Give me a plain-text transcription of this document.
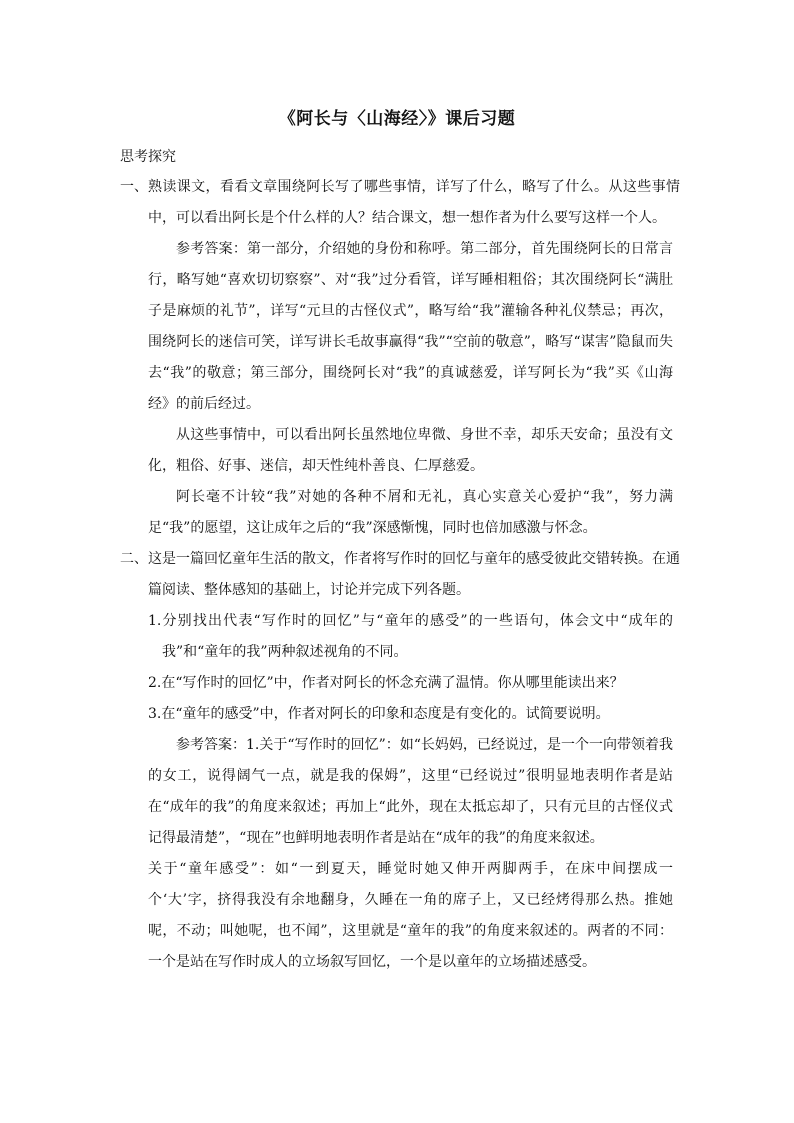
《阿长与〈山海经〉》课后习题
思考探究
一、 熟读课文，看看文章围绕阿长写了哪些事情，详写了什么，略写了什么。从这些事情中，可以看出阿长是个什么样的人？结合课文，想一想作者为什么要写这样一个人。
参考答案：第一部分，介绍她的身份和称呼。第二部分，首先围绕阿长的日常言行，略写她“喜欢切切察察”、对“我”过分看管，详写睡相粗俗；其次围绕阿长“满肚子是麻烦的礼节”，详写“元旦的古怪仪式”，略写给“我”灌输各种礼仪禁忌；再次，围绕阿长的迷信可笑，详写讲长毛故事赢得“我”“空前的敬意”，略写“谋害”隐鼠而失去“我”的敬意；第三部分，围绕阿长对“我”的真诚慈爱，详写阿长为“我”买《山海经》的前后经过。
从这些事情中，可以看出阿长虽然地位卑微、身世不幸，却乐天安命；虽没有文化，粗俗、好事、迷信，却天性纯朴善良、仁厚慈爱。
阿长毫不计较“我”对她的各种不屑和无礼，真心实意关心爱护“我”，努力满足“我”的愿望，这让成年之后的“我”深感惭愧，同时也倍加感激与怀念。
二、 这是一篇回忆童年生活的散文，作者将写作时的回忆与童年的感受彼此交错转换。在通篇阅读、整体感知的基础上，讨论并完成下列各题。
1.分别找出代表“写作时的回忆”与“童年的感受”的一些语句，体会文中“成年的我”和“童年的我”两种叙述视角的不同。
2.在“写作时的回忆”中，作者对阿长的怀念充满了温情。你从哪里能读出来？
3.在“童年的感受”中，作者对阿长的印象和态度是有变化的。试简要说明。
参考答案：1.关于“写作时的回忆”：如“长妈妈，已经说过，是一个一向带领着我的女工，说得阔气一点，就是我的保姆”，这里“已经说过”很明显地表明作者是站在“成年的我”的角度来叙述；再加上“此外，现在太抵忘却了，只有元旦的古怪仪式记得最清楚”，“现在”也鲜明地表明作者是站在“成年的我”的角度来叙述。
关于“童年感受”：如“一到夏天，睡觉时她又伸开两脚两手，在床中间摆成一个‘大’字，挤得我没有余地翻身，久睡在一角的席子上，又已经烤得那么热。推她呢，不动；叫她呢，也不闻”，这里就是“童年的我”的角度来叙述的。两者的不同：一个是站在写作时成人的立场叙写回忆，一个是以童年的立场描述感受。
